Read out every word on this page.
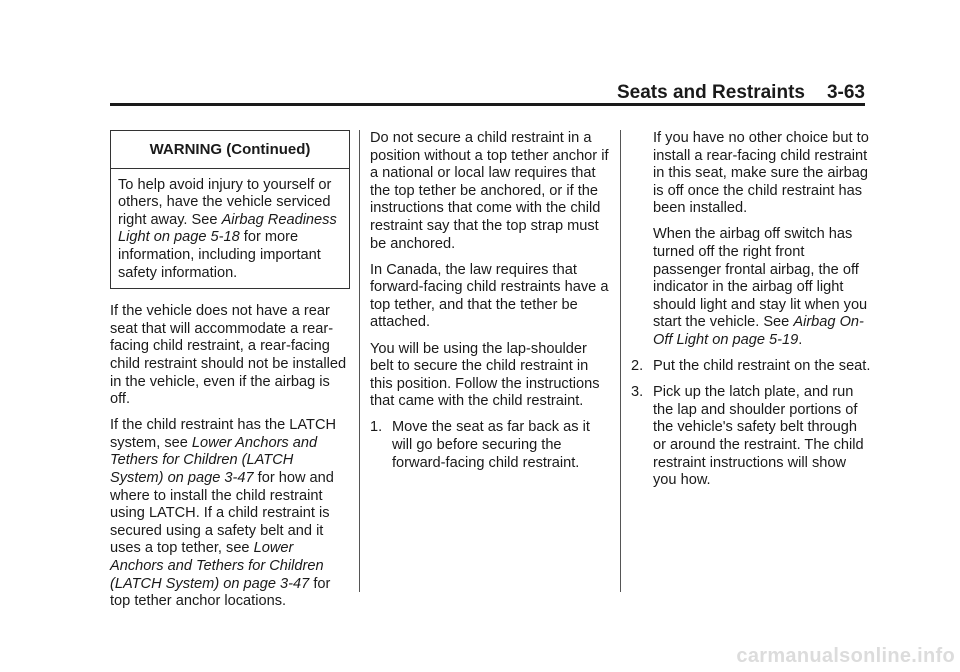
Seats and Restraints 3-63
WARNING (Continued)
To help avoid injury to yourself or others, have the vehicle serviced right away. See Airbag Readiness Light on page 5-18 for more information, including important safety information.

If the vehicle does not have a rear seat that will accommodate a rear-facing child restraint, a rear-facing child restraint should not be installed in the vehicle, even if the airbag is off.

If the child restraint has the LATCH system, see Lower Anchors and Tethers for Children (LATCH System) on page 3-47 for how and where to install the child restraint using LATCH. If a child restraint is secured using a safety belt and it uses a top tether, see Lower Anchors and Tethers for Children (LATCH System) on page 3-47 for top tether anchor locations.

Do not secure a child restraint in a position without a top tether anchor if a national or local law requires that the top tether be anchored, or if the instructions that come with the child restraint say that the top strap must be anchored.

In Canada, the law requires that forward-facing child restraints have a top tether, and that the tether be attached.

You will be using the lap-shoulder belt to secure the child restraint in this position. Follow the instructions that came with the child restraint.

1. Move the seat as far back as it will go before securing the forward-facing child restraint.

If you have no other choice but to install a rear-facing child restraint in this seat, make sure the airbag is off once the child restraint has been installed.

When the airbag off switch has turned off the right front passenger frontal airbag, the off indicator in the airbag off light should light and stay lit when you start the vehicle. See Airbag On-Off Light on page 5-19.

2. Put the child restraint on the seat.
3. Pick up the latch plate, and run the lap and shoulder portions of the vehicle's safety belt through or around the restraint. The child restraint instructions will show you how.
carmanualsonline.info
